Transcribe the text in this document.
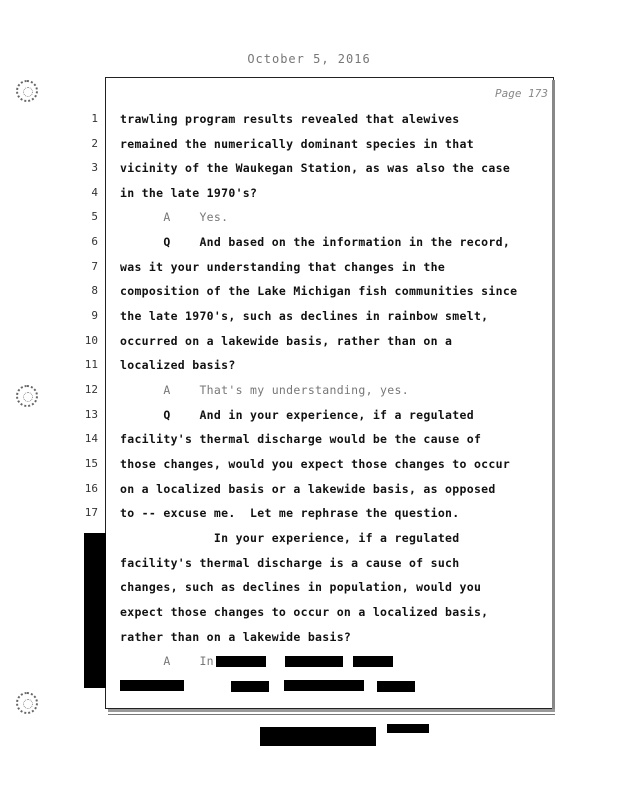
October 5, 2016
Page 173
1
2
3
4
5
6
7
8
9
10
11
12
13
14
15
16
17
trawling program results revealed that alewives
remained the numerically dominant species in that
vicinity of the Waukegan Station, as was also the case
in the late 1970's?
A    Yes.
Q    And based on the information in the record,
was it your understanding that changes in the
composition of the Lake Michigan fish communities since
the late 1970's, such as declines in rainbow smelt,
occurred on a lakewide basis, rather than on a
localized basis?
A    That's my understanding, yes.
Q    And in your experience, if a regulated
facility's thermal discharge would be the cause of
those changes, would you expect those changes to occur
on a localized basis or a lakewide basis, as opposed
to -- excuse me.  Let me rephrase the question.
In your experience, if a regulated
facility's thermal discharge is a cause of such
changes, such as declines in population, would you
expect those changes to occur on a localized basis,
rather than on a lakewide basis?
A    In
